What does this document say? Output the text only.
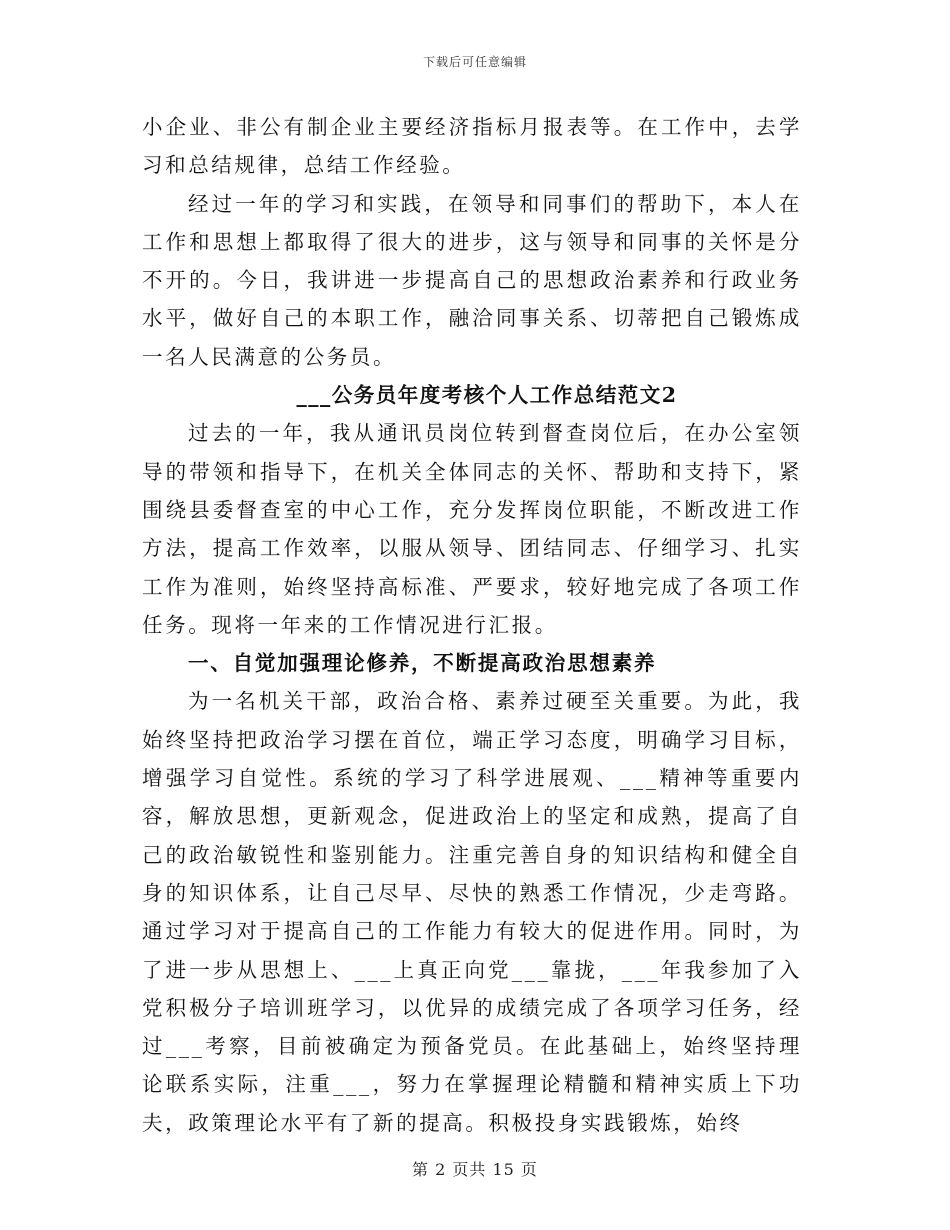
下载后可任意编辑

小企业、非公有制企业主要经济指标月报表等。在工作中，去学习和总结规律，总结工作经验。

经过一年的学习和实践，在领导和同事们的帮助下，本人在工作和思想上都取得了很大的进步，这与领导和同事的关怀是分不开的。今日，我讲进一步提高自己的思想政治素养和行政业务水平，做好自己的本职工作，融洽同事关系、切蒂把自己锻炼成一名人民满意的公务员。

___公务员年度考核个人工作总结范文2

过去的一年，我从通讯员岗位转到督查岗位后，在办公室领导的带领和指导下，在机关全体同志的关怀、帮助和支持下，紧围绕县委督查室的中心工作，充分发挥岗位职能，不断改进工作方法，提高工作效率，以服从领导、团结同志、仔细学习、扎实工作为准则，始终坚持高标准、严要求，较好地完成了各项工作任务。现将一年来的工作情况进行汇报。

一、自觉加强理论修养，不断提高政治思想素养

为一名机关干部，政治合格、素养过硬至关重要。为此，我始终坚持把政治学习摆在首位，端正学习态度，明确学习目标，增强学习自觉性。系统的学习了科学进展观、___精神等重要内容，解放思想，更新观念，促进政治上的坚定和成熟，提高了自己的政治敏锐性和鉴别能力。注重完善自身的知识结构和健全自身的知识体系，让自己尽早、尽快的熟悉工作情况，少走弯路。通过学习对于提高自己的工作能力有较大的促进作用。同时，为了进一步从思想上、___上真正向党___靠拢，___年我参加了入党积极分子培训班学习，以优异的成绩完成了各项学习任务，经过___考察，目前被确定为预备党员。在此基础上，始终坚持理论联系实际，注重___，努力在掌握理论精髓和精神实质上下功夫，政策理论水平有了新的提高。积极投身实践锻炼，始终

第 2 页共 15 页
